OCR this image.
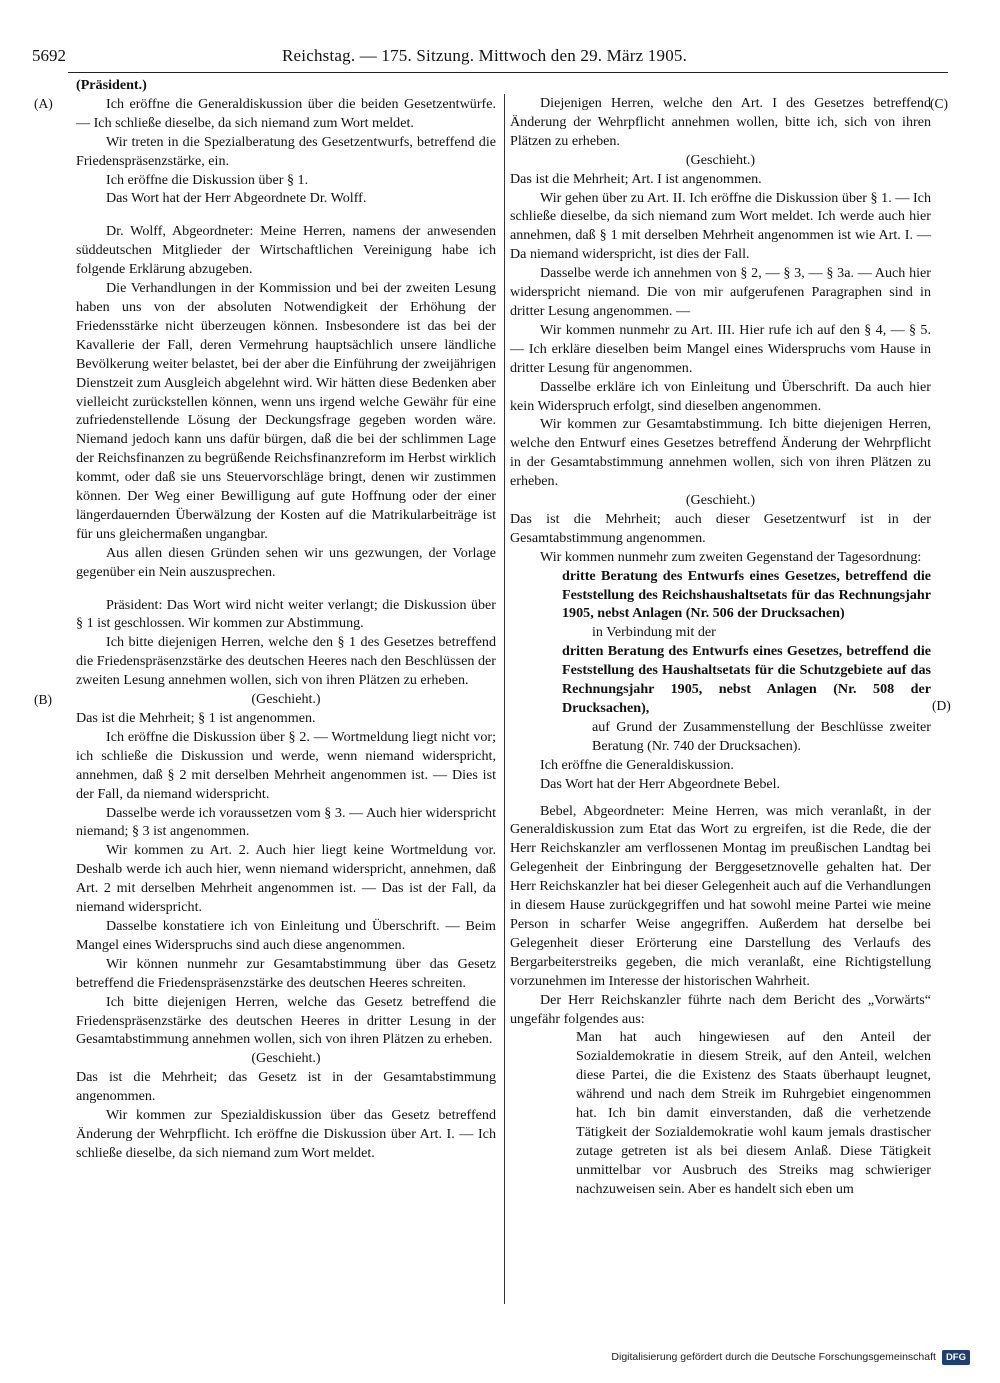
5692	Reichstag. — 175. Sitzung. Mittwoch den 29. März 1905.
(A)
(B)
(C)
(D)

(Präsident.)

Ich eröffne die Generaldiskussion über die beiden Gesetzentwürfe. — Ich schließe dieselbe, da sich niemand zum Wort meldet.

Wir treten in die Spezialberatung des Gesetzentwurfs, betreffend die Friedenspräsenzstärke, ein.

Ich eröffne die Diskussion über § 1.

Das Wort hat der Herr Abgeordnete Dr. Wolff.

Dr. Wolff, Abgeordneter: Meine Herren, namens der anwesenden süddeutschen Mitglieder der Wirtschaftlichen Vereinigung habe ich folgende Erklärung abzugeben.

Die Verhandlungen in der Kommission und bei der zweiten Lesung haben uns von der absoluten Notwendigkeit der Erhöhung der Friedensstärke nicht überzeugen können. Insbesondere ist das bei der Kavallerie der Fall, deren Vermehrung hauptsächlich unsere ländliche Bevölkerung weiter belastet, bei der aber die Einführung der zweijährigen Dienstzeit zum Ausgleich abgelehnt wird. Wir hätten diese Bedenken aber vielleicht zurückstellen können, wenn uns irgend welche Gewähr für eine zufriedenstellende Lösung der Deckungsfrage gegeben worden wäre. Niemand jedoch kann uns dafür bürgen, daß die bei der schlimmen Lage der Reichsfinanzen zu begrüßende Reichsfinanzreform im Herbst wirklich kommt, oder daß sie uns Steuervorschläge bringt, denen wir zustimmen können. Der Weg einer Bewilligung auf gute Hoffnung oder der einer längerdauernden Überwälzung der Kosten auf die Matrikularbeiträge ist für uns gleichermaßen ungangbar.

Aus allen diesen Gründen sehen wir uns gezwungen, der Vorlage gegenüber ein Nein auszusprechen.

Präsident: Das Wort wird nicht weiter verlangt; die Diskussion über § 1 ist geschlossen. Wir kommen zur Abstimmung.

Ich bitte diejenigen Herren, welche den § 1 des Gesetzes betreffend die Friedenspräsenzstärke des deutschen Heeres nach den Beschlüssen der zweiten Lesung annehmen wollen, sich von ihren Plätzen zu erheben.

(Geschieht.)

Das ist die Mehrheit; § 1 ist angenommen.

Ich eröffne die Diskussion über § 2. — Wortmeldung liegt nicht vor; ich schließe die Diskussion und werde, wenn niemand widerspricht, annehmen, daß § 2 mit derselben Mehrheit angenommen ist. — Dies ist der Fall, da niemand widerspricht.

Dasselbe werde ich voraussetzen vom § 3. — Auch hier widerspricht niemand; § 3 ist angenommen.

Wir kommen zu Art. 2. Auch hier liegt keine Wortmeldung vor. Deshalb werde ich auch hier, wenn niemand widerspricht, annehmen, daß Art. 2 mit derselben Mehrheit angenommen ist. — Das ist der Fall, da niemand widerspricht.

Dasselbe konstatiere ich von Einleitung und Überschrift. — Beim Mangel eines Widerspruchs sind auch diese angenommen.

Wir können nunmehr zur Gesamtabstimmung über das Gesetz betreffend die Friedenspräsenzstärke des deutschen Heeres schreiten.

Ich bitte diejenigen Herren, welche das Gesetz betreffend die Friedenspräsenzstärke des deutschen Heeres in dritter Lesung in der Gesamtabstimmung annehmen wollen, sich von ihren Plätzen zu erheben.

(Geschieht.)

Das ist die Mehrheit; das Gesetz ist in der Gesamtabstimmung angenommen.

Wir kommen zur Spezialdiskussion über das Gesetz betreffend Änderung der Wehrpflicht. Ich eröffne die Diskussion über Art. I. — Ich schließe dieselbe, da sich niemand zum Wort meldet.

Diejenigen Herren, welche den Art. I des Gesetzes betreffend Änderung der Wehrpflicht annehmen wollen, bitte ich, sich von ihren Plätzen zu erheben.

(Geschieht.)

Das ist die Mehrheit; Art. I ist angenommen.

Wir gehen über zu Art. II. Ich eröffne die Diskussion über § 1. — Ich schließe dieselbe, da sich niemand zum Wort meldet. Ich werde auch hier annehmen, daß § 1 mit derselben Mehrheit angenommen ist wie Art. I. — Da niemand widerspricht, ist dies der Fall.

Dasselbe werde ich annehmen von § 2, — § 3, — § 3a. — Auch hier widerspricht niemand. Die von mir aufgerufenen Paragraphen sind in dritter Lesung angenommen. —

Wir kommen nunmehr zu Art. III. Hier rufe ich auf den § 4, — § 5. — Ich erkläre dieselben beim Mangel eines Widerspruchs vom Hause in dritter Lesung für angenommen.

Dasselbe erkläre ich von Einleitung und Überschrift. Da auch hier kein Widerspruch erfolgt, sind dieselben angenommen.

Wir kommen zur Gesamtabstimmung. Ich bitte diejenigen Herren, welche den Entwurf eines Gesetzes betreffend Änderung der Wehrpflicht in der Gesamtabstimmung annehmen wollen, sich von ihren Plätzen zu erheben.

(Geschieht.)

Das ist die Mehrheit; auch dieser Gesetzentwurf ist in der Gesamtabstimmung angenommen.

Wir kommen nunmehr zum zweiten Gegenstand der Tagesordnung:

dritte Beratung des Entwurfs eines Gesetzes, betreffend die Feststellung des Reichshaushaltsetats für das Rechnungsjahr 1905, nebst Anlagen (Nr. 506 der Drucksachen)

in Verbindung mit der

dritten Beratung des Entwurfs eines Gesetzes, betreffend die Feststellung des Haushaltsetats für die Schutzgebiete auf das Rechnungsjahr 1905, nebst Anlagen (Nr. 508 der Drucksachen),

auf Grund der Zusammenstellung der Beschlüsse zweiter Beratung (Nr. 740 der Drucksachen).

Ich eröffne die Generaldiskussion.

Das Wort hat der Herr Abgeordnete Bebel.

Bebel, Abgeordneter: Meine Herren, was mich veranlaßt, in der Generaldiskussion zum Etat das Wort zu ergreifen, ist die Rede, die der Herr Reichskanzler am verflossenen Montag im preußischen Landtag bei Gelegenheit der Einbringung der Berggesetznovelle gehalten hat. Der Herr Reichskanzler hat bei dieser Gelegenheit auch auf die Verhandlungen in diesem Hause zurückgegriffen und hat sowohl meine Partei wie meine Person in scharfer Weise angegriffen. Außerdem hat derselbe bei Gelegenheit dieser Erörterung eine Darstellung des Verlaufs des Bergarbeiterstreiks gegeben, die mich veranlaßt, eine Richtigstellung vorzunehmen im Interesse der historischen Wahrheit.

Der Herr Reichskanzler führte nach dem Bericht des „Vorwärts“ ungefähr folgendes aus:

Man hat auch hingewiesen auf den Anteil der Sozialdemokratie in diesem Streik, auf den Anteil, welchen diese Partei, die die Existenz des Staats überhaupt leugnet, während und nach dem Streik im Ruhrgebiet eingenommen hat. Ich bin damit einverstanden, daß die verhetzende Tätigkeit der Sozialdemokratie wohl kaum jemals drastischer zutage getreten ist als bei diesem Anlaß. Diese Tätigkeit unmittelbar vor Ausbruch des Streiks mag schwieriger nachzuweisen sein. Aber es handelt sich eben um

Digitalisierung gefördert durch die Deutsche Forschungsgemeinschaft	DFG
